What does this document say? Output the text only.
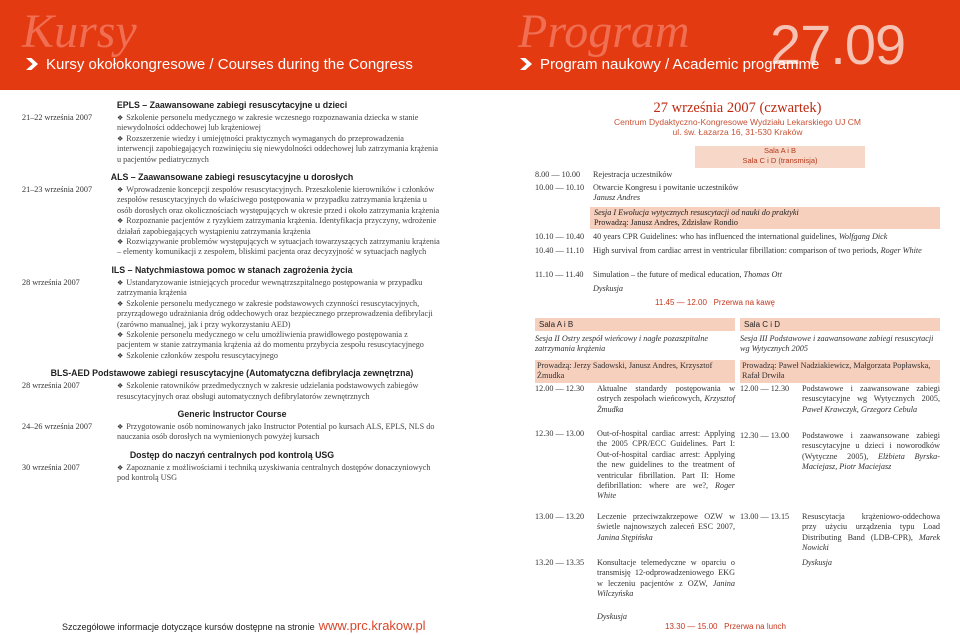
Kursy	Program 27.09
Kursy okołokongresowe / Courses during the Congress	Program naukowy / Academic programme
EPLS – Zaawansowane zabiegi resuscytacyjne u dzieci
21–22 września 2007	❖ Szkolenie personelu medycznego w zakresie wczesnego rozpoznawania dziecka w stanie niewydolności oddechowej lub krążeniowej
❖ Rozszerzenie wiedzy i umiejętności praktycznych wymaganych do przeprowadzenia interwencji zapobiegających rozwinięciu się niewydolności oddechowej lub zatrzymania krążenia u pacjentów pediatrycznych
ALS – Zaawansowane zabiegi resuscytacyjne u dorosłych
21–23 września 2007	❖ Wprowadzenie koncepcji zespołów resuscytacyjnych. Przeszkolenie kierowników i członków zespołów resuscytacyjnych do właściwego postępowania w przypadku zatrzymania krążenia u osób dorosłych oraz okolicznościach występujących w okresie przed i około zatrzymania krążenia
❖ Rozpoznanie pacjentów z ryzykiem zatrzymania krążenia. Identyfikacja przyczyny, wdrożenie działań zapobiegających wystąpieniu zatrzymania krążenia
❖ Rozwiązywanie problemów występujących w sytuacjach towarzyszących zatrzymaniu krążenia – elementy komunikacji z zespołem, bliskimi pacjenta oraz decyzyjność w sytuacjach nagłych
ILS – Natychmiastowa pomoc w stanach zagrożenia życia
28 września 2007	❖ Ustandaryzowanie istniejących procedur wewnątrzszpitalnego postępowania w przypadku zatrzymania krążenia
❖ Szkolenie personelu medycznego w zakresie podstawowych czynności resuscytacyjnych, przyrządowego udrażniania dróg oddechowych oraz bezpiecznego przeprowadzenia defibrylacji (zarówno manualnej, jak i przy wykorzystaniu AED)
❖ Szkolenie personelu medycznego w celu umożliwienia prawidłowego postępowania z pacjentem w stanie zatrzymania krążenia aż do momentu przybycia zespołu resuscytacyjnego
❖ Szkolenie członków zespołu resuscytacyjnego
BLS-AED Podstawowe zabiegi resuscytacyjne (Automatyczna defibrylacja zewnętrzna)
28 września 2007	❖ Szkolenie ratowników przedmedycznych w zakresie udzielania podstawowych zabiegów resuscytacyjnych oraz obsługi automatycznych defibrylatorów zewnętrznych
Generic Instructor Course
24–26 września 2007	❖ Przygotowanie osób nominowanych jako Instructor Potential po kursach ALS, EPLS, NLS do nauczania osób dorosłych na wymienionych powyżej kursach
Dostęp do naczyń centralnych pod kontrolą USG
30 września 2007	❖ Zapoznanie z możliwościami i techniką uzyskiwania centralnych dostępów donaczyniowych pod kontrolą USG
Szczegółowe informacje dotyczące kursów dostępne na stronie www.prc.krakow.pl
27 września 2007 (czwartek)
Centrum Dydaktyczno-Kongresowe Wydziału Lekarskiego UJ CM
ul. św. Łazarza 16, 31-530 Kraków
Sala A i B
Sala C i D (transmisja)
8.00 — 10.00	Rejestracja uczestników
10.00 — 10.10	Otwarcie Kongresu i powitanie uczestników
Janusz Andres
Sesja I Ewolucja wytycznych resuscytacji od nauki do praktyki
Prowadzą: Janusz Andres, Zdzisław Rondio
10.10 — 10.40	40 years CPR Guidelines: who has influenced the international guidelines, Wolfgang Dick
10.40 — 11.10	High survival from cardiac arrest in ventricular fibrillation: comparison of two periods, Roger White
11.10 — 11.40	Simulation – the future of medical education, Thomas Ott
Dyskusja
11.45 — 12.00 Przerwa na kawę
Sala A i B
Sesja II Ostry zespół wieńcowy i nagłe pozaszpitalne zatrzymania krążenia
Prowadzą: Jerzy Sadowski, Janusz Andres, Krzysztof Żmudka
12.00 — 12.30	Aktualne standardy postępowania w ostrych zespołach wieńcowych, Krzysztof Żmudka
12.30 — 13.00	Out-of-hospital cardiac arrest: Applying the 2005 CPR/ECC Guidelines. Part I: Out-of-hospital cardiac arrest: Applying the new guidelines to the treatment of ventricular fibrillation. Part II: Home defibrillation: where are we?, Roger White
13.00 — 13.20	Leczenie przeciwzakrzepowe OZW w świetle najnowszych zaleceń ESC 2007, Janina Stępińska
13.20 — 13.35	Konsultacje telemedyczne w oparciu o transmisję 12-odprowadzeniowego EKG w leczeniu pacjentów z OZW, Janina Wilczyńska
Dyskusja
Sala C i D
Sesja III Podstawowe i zaawansowane zabiegi resuscytacji wg Wytycznych 2005
Prowadzą: Paweł Nadziakiewicz, Małgorzata Popławska, Rafał Drwiła
12.00 — 12.30	Podstawowe i zaawansowane zabiegi resuscytacyjne wg Wytycznych 2005, Paweł Krawczyk, Grzegorz Cebula
12.30 — 13.00	Podstawowe i zaawansowane zabiegi resuscytacyjne u dzieci i noworodków (Wytyczne 2005), Elżbieta Byrska-Maciejasz, Piotr Maciejasz
13.00 — 13.15	Resuscytacja krążeniowo-oddechowa przy użyciu urządzenia typu Load Distributing Band (LDB-CPR), Marek Nowicki
Dyskusja
13.30 — 15.00 Przerwa na lunch
